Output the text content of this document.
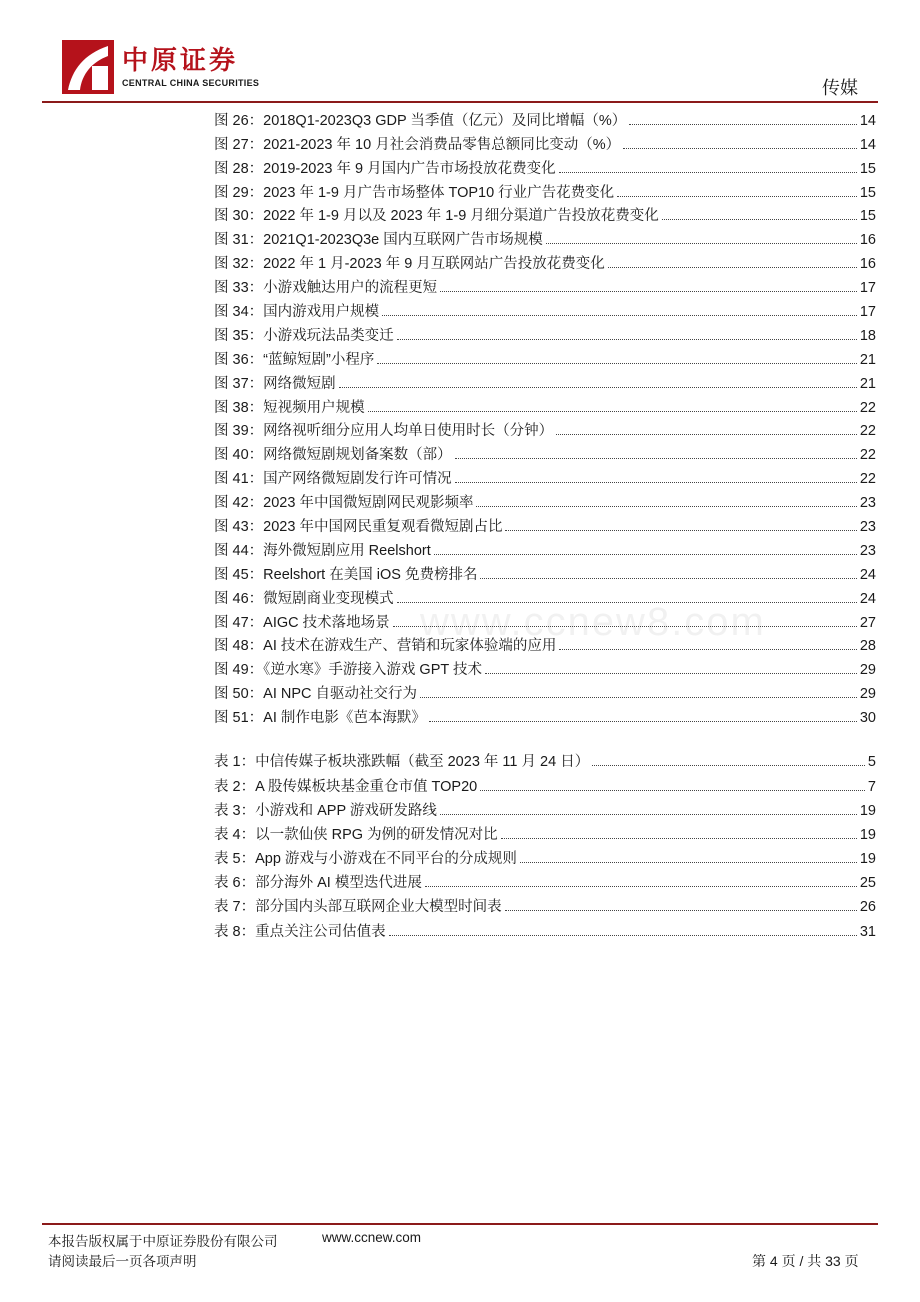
中原证券
CENTRAL CHINA SECURITIES	传媒
www.ccnew8.com
图 26：2018Q1-2023Q3 GDP 当季值（亿元）及同比增幅（%）	14
图 27：2021-2023 年 10 月社会消费品零售总额同比变动（%）	14
图 28：2019-2023 年 9 月国内广告市场投放花费变化	15
图 29：2023 年 1-9 月广告市场整体 TOP10 行业广告花费变化	15
图 30：2022 年 1-9 月以及 2023 年 1-9 月细分渠道广告投放花费变化	15
图 31：2021Q1-2023Q3e 国内互联网广告市场规模	16
图 32：2022 年 1 月-2023 年 9 月互联网站广告投放花费变化	16
图 33：小游戏触达用户的流程更短	17
图 34：国内游戏用户规模	17
图 35：小游戏玩法品类变迁	18
图 36：“蓝鲸短剧”小程序	21
图 37：网络微短剧	21
图 38：短视频用户规模	22
图 39：网络视听细分应用人均单日使用时长（分钟）	22
图 40：网络微短剧规划备案数（部）	22
图 41：国产网络微短剧发行许可情况	22
图 42：2023 年中国微短剧网民观影频率	23
图 43：2023 年中国网民重复观看微短剧占比	23
图 44：海外微短剧应用 Reelshort	23
图 45：Reelshort 在美国 iOS 免费榜排名	24
图 46：微短剧商业变现模式	24
图 47：AIGC 技术落地场景	27
图 48：AI 技术在游戏生产、营销和玩家体验端的应用	28
图 49：《逆水寒》手游接入游戏 GPT 技术	29
图 50：AI NPC 自驱动社交行为	29
图 51：AI 制作电影《芭本海默》	30
表 1：中信传媒子板块涨跌幅（截至 2023 年 11 月 24 日）	5
表 2：A 股传媒板块基金重仓市值 TOP20	7
表 3：小游戏和 APP 游戏研发路线	19
表 4：以一款仙侠 RPG 为例的研发情况对比	19
表 5：App 游戏与小游戏在不同平台的分成规则	19
表 6：部分海外 AI 模型迭代进展	25
表 7：部分国内头部互联网企业大模型时间表	26
表 8：重点关注公司估值表	31
本报告版权属于中原证券股份有限公司	www.ccnew.com
请阅读最后一页各项声明	第 4 页 / 共 33 页
